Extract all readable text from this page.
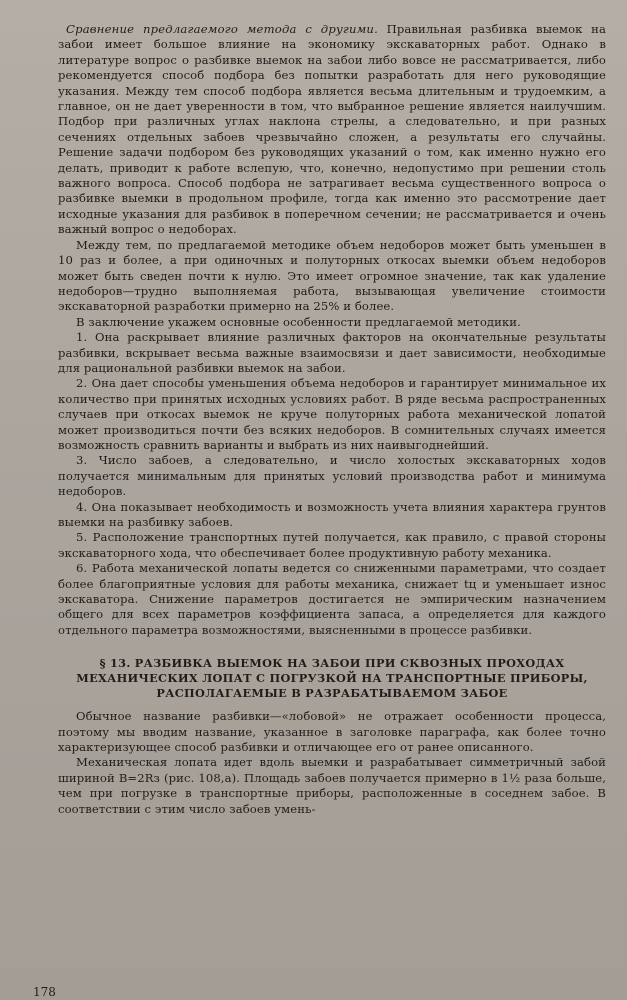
Сравнение предлагаемого метода с другими. Правильная разбивка выемок на забои имеет большое влияние на экономику экскаваторных работ. Однако в литературе вопрос о разбивке выемок на забои либо вовсе не рассматривается, либо рекомендуется способ подбора без попытки разработать для него руководящие указания. Между тем способ подбора является весьма длительным и трудоемким, а главное, он не дает уверенности в том, что выбранное решение является наилучшим. Подбор при различных углах наклона стрелы, а следовательно, и при разных сечениях отдельных забоев чрезвычайно сложен, а результаты его случайны. Решение задачи подбором без руководящих указаний о том, как именно нужно его делать, приводит к работе вслепую, что, конечно, недопустимо при решении столь важного вопроса. Способ подбора не затрагивает весьма существенного вопроса о разбивке выемки в продольном профиле, тогда как именно это рассмотрение дает исходные указания для разбивок в поперечном сечении; не рассматривается и очень важный вопрос о недоборах.

Между тем, по предлагаемой методике объем недоборов может быть уменьшен в 10 раз и более, а при одиночных и полуторных откосах выемки объем недоборов может быть сведен почти к нулю. Это имеет огромное значение, так как удаление недоборов—трудно выполняемая работа, вызывающая увеличение стоимости экскаваторной разработки примерно на 25% и более.

В заключение укажем основные особенности предлагаемой методики.

1. Она раскрывает влияние различных факторов на окончательные результаты разбивки, вскрывает весьма важные взаимосвязи и дает зависимости, необходимые для рациональной разбивки выемок на забои.

2. Она дает способы уменьшения объема недоборов и гарантирует минимальное их количество при принятых исходных условиях работ. В ряде весьма распространенных случаев при откосах выемок не круче полуторных работа механической лопатой может производиться почти без всяких недоборов. В сомнительных случаях имеется возможность сравнить варианты и выбрать из них наивыгоднейший.

3. Число забоев, а следовательно, и число холостых экскаваторных ходов получается минимальным для принятых условий производства работ и минимума недоборов.

4. Она показывает необходимость и возможность учета влияния характера грунтов выемки на разбивку забоев.

5. Расположение транспортных путей получается, как правило, с правой стороны экскаваторного хода, что обеспечивает более продуктивную работу механика.

6. Работа механической лопаты ведется со сниженными параметрами, что создает более благоприятные условия для работы механика, снижает tц и уменьшает износ экскаватора. Снижение параметров достигается не эмпирическим назначением общего для всех параметров коэффициента запаса, а определяется для каждого отдельного параметра возможностями, выясненными в процессе разбивки.

§ 13. РАЗБИВКА ВЫЕМОК НА ЗАБОИ ПРИ СКВОЗНЫХ ПРОХОДАХ
МЕХАНИЧЕСКИХ ЛОПАТ С ПОГРУЗКОЙ НА ТРАНСПОРТНЫЕ ПРИБОРЫ,
РАСПОЛАГАЕМЫЕ В РАЗРАБАТЫВАЕМОМ ЗАБОЕ

Обычное название разбивки—«лобовой» не отражает особенности процесса, поэтому мы вводим название, указанное в заголовке параграфа, как более точно характеризующее способ разбивки и отличающее его от ранее описанного.

Механическая лопата идет вдоль выемки и разрабатывает симметричный забой шириной B=2Rз (рис. 108,а). Площадь забоев получается примерно в 1½ раза больше, чем при погрузке в транспортные приборы, расположенные в соседнем забое. В соответствии с этим число забоев умень-

178
